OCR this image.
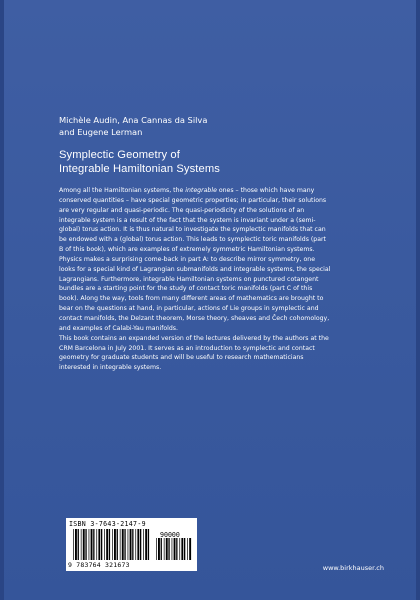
Michèle Audin, Ana Cannas da Silva
and Eugene Lerman
Symplectic Geometry of
Integrable Hamiltonian Systems
Among all the Hamiltonian systems, the integrable ones – those which have many
conserved quantities – have special geometric properties; in particular, their solutions
are very regular and quasi-periodic. The quasi-periodicity of the solutions of an
integrable system is a result of the fact that the system is invariant under a (semi-
global) torus action. It is thus natural to investigate the symplectic manifolds that can
be endowed with a (global) torus action. This leads to symplectic toric manifolds (part
B of this book), which are examples of extremely symmetric Hamiltonian systems.
Physics makes a surprising come-back in part A: to describe mirror symmetry, one
looks for a special kind of Lagrangian submanifolds and integrable systems, the special
Lagrangians. Furthermore, integrable Hamiltonian systems on punctured cotangent
bundles are a starting point for the study of contact toric manifolds (part C of this
book). Along the way, tools from many different areas of mathematics are brought to
bear on the questions at hand, in particular, actions of Lie groups in symplectic and
contact manifolds, the Delzant theorem, Morse theory, sheaves and Čech cohomology,
and examples of Calabi-Yau manifolds.
This book contains an expanded version of the lectures delivered by the authors at the
CRM Barcelona in July 2001. It serves as an introduction to symplectic and contact
geometry for graduate students and will be useful to research mathematicians
interested in integrable systems.
ISBN 3-7643-2147-9
90000
9 783764 321673	www.birkhauser.ch
